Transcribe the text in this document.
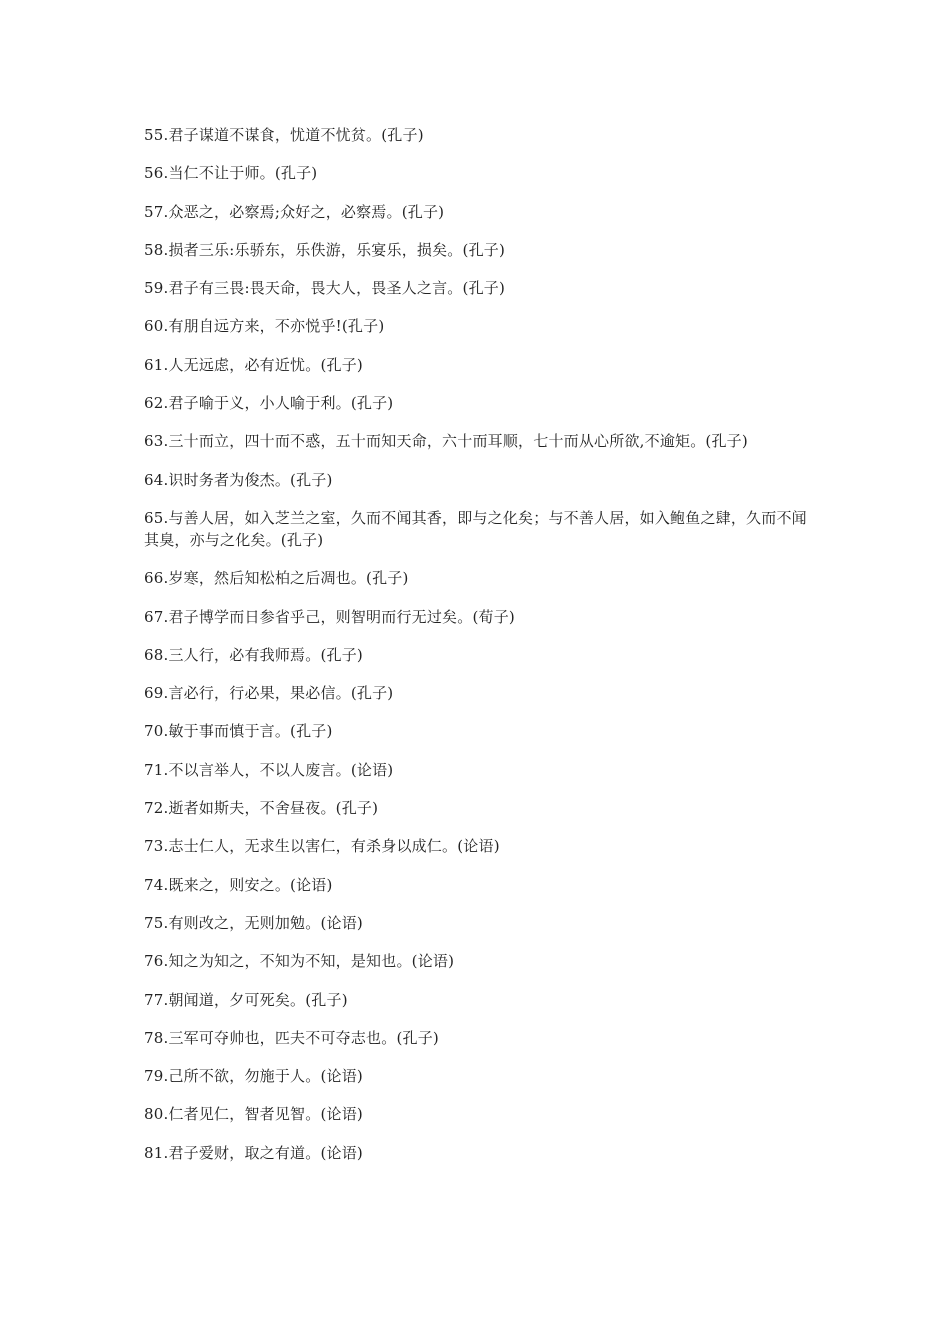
55.君子谋道不谋食，忧道不忧贫。(孔子)
56.当仁不让于师。(孔子)
57.众恶之，必察焉;众好之，必察焉。(孔子)
58.损者三乐:乐骄东，乐佚游，乐宴乐，损矣。(孔子)
59.君子有三畏:畏天命，畏大人，畏圣人之言。(孔子)
60.有朋自远方来，不亦悦乎!(孔子)
61.人无远虑，必有近忧。(孔子)
62.君子喻于义，小人喻于利。(孔子)
63.三十而立，四十而不惑，五十而知天命，六十而耳顺，七十而从心所欲,不逾矩。(孔子)
64.识时务者为俊杰。(孔子)
65.与善人居，如入芝兰之室，久而不闻其香，即与之化矣；与不善人居，如入鲍鱼之肆，久而不闻其臭，亦与之化矣。(孔子)
66.岁寒，然后知松柏之后凋也。(孔子)
67.君子博学而日参省乎己，则智明而行无过矣。(荀子)
68.三人行，必有我师焉。(孔子)
69.言必行，行必果，果必信。(孔子)
70.敏于事而慎于言。(孔子)
71.不以言举人，不以人废言。(论语)
72.逝者如斯夫，不舍昼夜。(孔子)
73.志士仁人，无求生以害仁，有杀身以成仁。(论语)
74.既来之，则安之。(论语)
75.有则改之，无则加勉。(论语)
76.知之为知之，不知为不知，是知也。(论语)
77.朝闻道，夕可死矣。(孔子)
78.三军可夺帅也，匹夫不可夺志也。(孔子)
79.己所不欲，勿施于人。(论语)
80.仁者见仁，智者见智。(论语)
81.君子爱财，取之有道。(论语)
